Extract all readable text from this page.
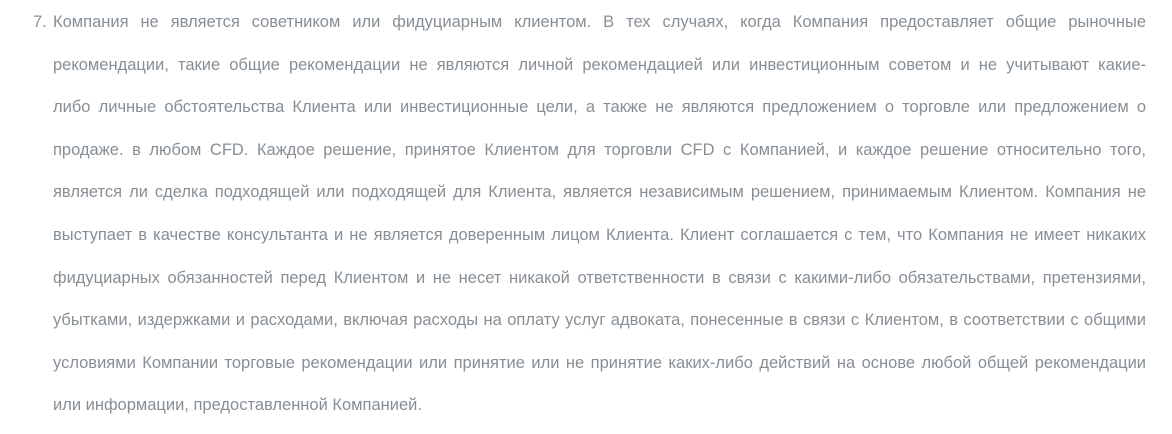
7. Компания не является советником или фидуциарным клиентом. В тех случаях, когда Компания предоставляет общие рыночные
рекомендации, такие общие рекомендации не являются личной рекомендацией или инвестиционным советом и не учитывают какие-
либо личные обстоятельства Клиента или инвестиционные цели, а также не являются предложением о торговле или предложением о
продаже. в любом CFD. Каждое решение, принятое Клиентом для торговли CFD с Компанией, и каждое решение относительно того,
является ли сделка подходящей или подходящей для Клиента, является независимым решением, принимаемым Клиентом. Компания не
выступает в качестве консультанта и не является доверенным лицом Клиента. Клиент соглашается с тем, что Компания не имеет никаких
фидуциарных обязанностей перед Клиентом и не несет никакой ответственности в связи с какими-либо обязательствами, претензиями,
убытками, издержками и расходами, включая расходы на оплату услуг адвоката, понесенные в связи с Клиентом, в соответствии с общими
условиями Компании торговые рекомендации или принятие или не принятие каких-либо действий на основе любой общей рекомендации
или информации, предоставленной Компанией.
